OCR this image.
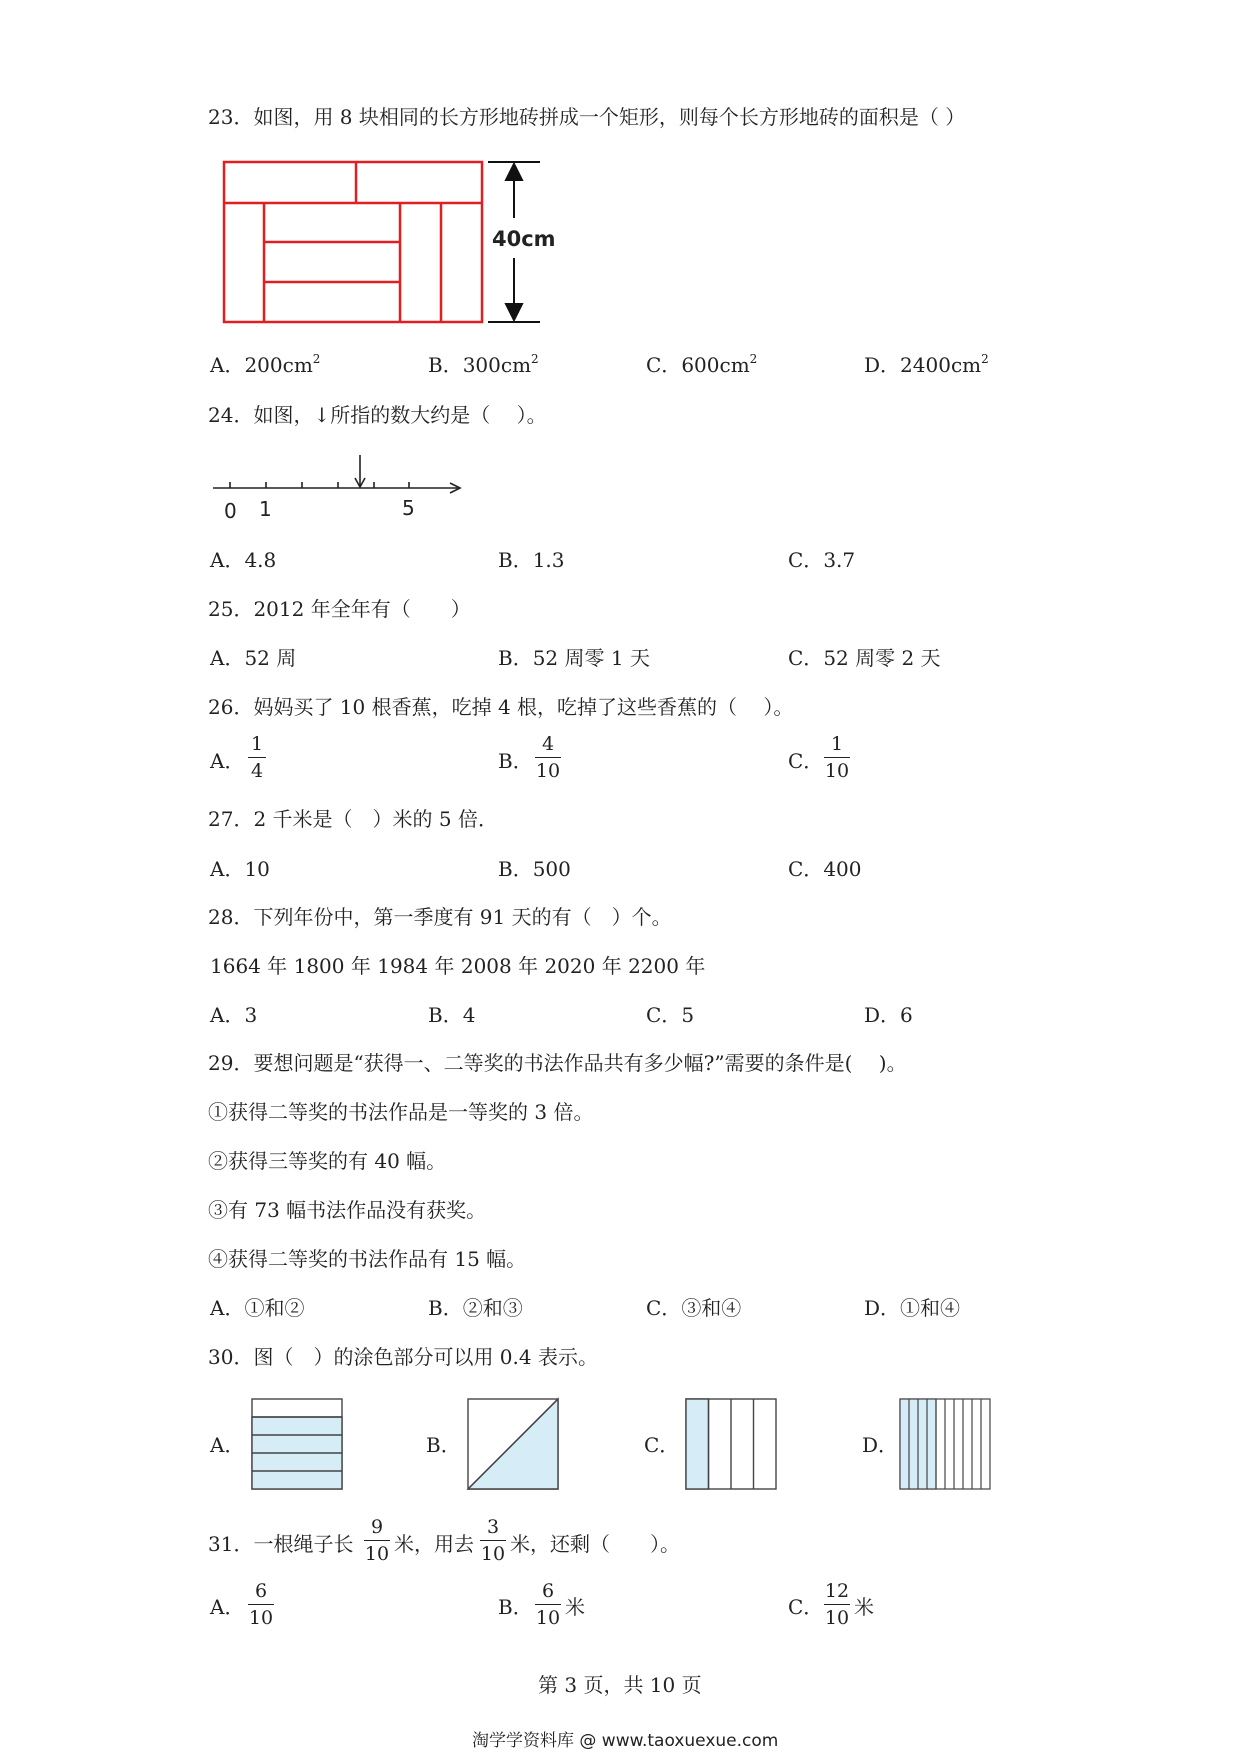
23．如图，用 8 块相同的长方形地砖拼成一个矩形，则每个长方形地砖的面积是（ ）
40cm
A．$200cm^2$	B．$300cm^2$	C．$600cm^2$	D．$2400cm^2$
24．如图，↓所指的数大约是（　 ）。
0 1	5
A．4.8	B．1.3	C．3.7
25．2012 年全年有（　　）
A．52 周	B．52 周零 1 天	C．52 周零 2 天
26．妈妈买了 10 根香蕉，吃掉 4 根，吃掉了这些香蕉的（　 ）。
A．
1
4	B．
4
10	C．
1
10
27．2 千米是（　）米的 5 倍．
A．10	B．500	C．400
28．下列年份中，第一季度有 91 天的有（　）个。
1664 年 1800 年 1984 年 2008 年 2020 年 2200 年
A．3	B．4	C．5	D．6
29．要想问题是“获得一、二等奖的书法作品共有多少幅?”需要的条件是(　 )。
①获得二等奖的书法作品是一等奖的 3 倍。
②获得三等奖的有 40 幅。
③有 73 幅书法作品没有获奖。
④获得二等奖的书法作品有 15 幅。
A．①和②	B．②和③	C．③和④	D．①和④
30．图（　）的涂色部分可以用 0.4 表示。
A．	B．	C．	D．
31．一根绳子长
9
10 米，用去
3
10 米，还剩（　　）。
A．
6
10	B．
6
10 米	C．
12
10 米
第 3 页，共 10 页
淘学学资料库 @ www.taoxuexue.com
